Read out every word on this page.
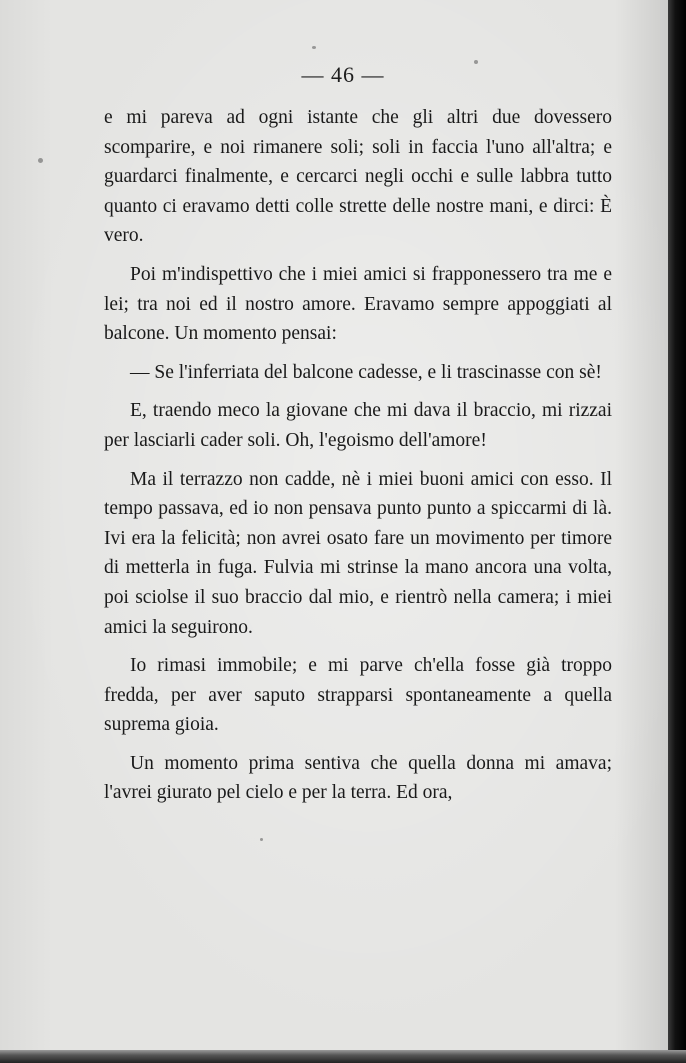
— 46 —

e mi pareva ad ogni istante che gli altri due dovessero scomparire, e noi rimanere soli; soli in faccia l'uno all'altra; e guardarci finalmente, e cercarci negli occhi e sulle labbra tutto quanto ci eravamo detti colle strette delle nostre mani, e dirci: È vero.

Poi m'indispettivo che i miei amici si frapponessero tra me e lei; tra noi ed il nostro amore. Eravamo sempre appoggiati al balcone. Un momento pensai:

— Se l'inferriata del balcone cadesse, e li trascinasse con sè!

E, traendo meco la giovane che mi dava il braccio, mi rizzai per lasciarli cader soli. Oh, l'egoismo dell'amore!

Ma il terrazzo non cadde, nè i miei buoni amici con esso. Il tempo passava, ed io non pensava punto punto a spiccarmi di là. Ivi era la felicità; non avrei osato fare un movimento per timore di metterla in fuga. Fulvia mi strinse la mano ancora una volta, poi sciolse il suo braccio dal mio, e rientrò nella camera; i miei amici la seguirono.

Io rimasi immobile; e mi parve ch'ella fosse già troppo fredda, per aver saputo strapparsi spontaneamente a quella suprema gioia.

Un momento prima sentiva che quella donna mi amava; l'avrei giurato pel cielo e per la terra. Ed ora,
